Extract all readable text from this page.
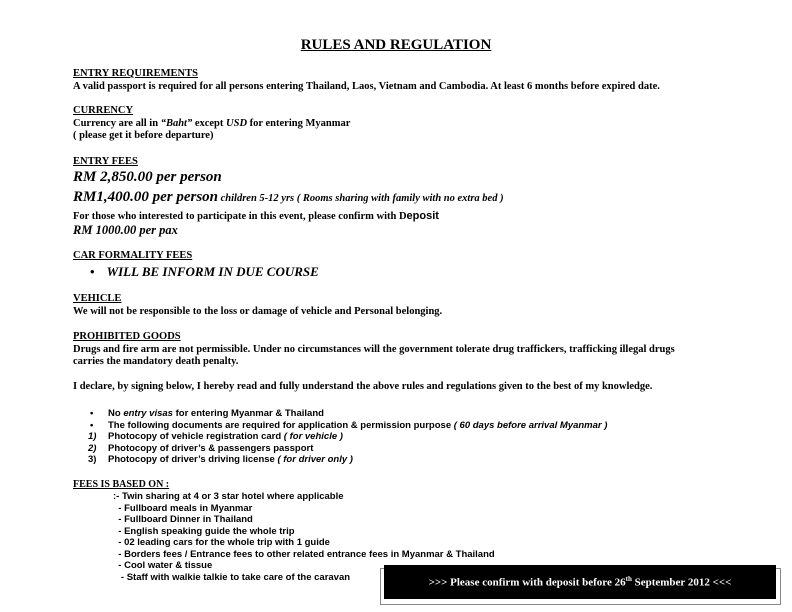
RULES AND REGULATION
ENTRY REQUIREMENTS
A valid passport is required for all persons entering Thailand, Laos, Vietnam and Cambodia. At least 6 months before expired date.
CURRENCY
Currency are all in “Baht” except USD for entering Myanmar
( please get it before departure)
ENTRY FEES
RM 2,850.00 per person
RM1,400.00 per person children 5-12 yrs ( Rooms sharing with family with no extra bed )
For those who interested to participate in this event, please confirm with Deposit
RM 1000.00 per pax
CAR FORMALITY FEES
• WILL BE INFORM IN DUE COURSE
VEHICLE
We will not be responsible to the loss or damage of vehicle and Personal belonging.
PROHIBITED GOODS
Drugs and fire arm are not permissible. Under no circumstances will the government tolerate drug traffickers, trafficking illegal drugs
carries the mandatory death penalty.
I declare, by signing below, I hereby read and fully understand the above rules and regulations given to the best of my knowledge.
•	No entry visas for entering Myanmar & Thailand
•	The following documents are required for application & permission purpose ( 60 days before arrival Myanmar )
1)	Photocopy of vehicle registration card ( for vehicle )
2)	Photocopy of driver’s & passengers passport
3)	Photocopy of driver’s driving license ( for driver only )
FEES IS BASED ON :
:- Twin sharing at 4 or 3 star hotel where applicable
- Fullboard meals in Myanmar
- Fullboard Dinner in Thailand
- English speaking guide the whole trip
- 02 leading cars for the whole trip with 1 guide
- Borders fees / Entrance fees to other related entrance fees in Myanmar & Thailand
- Cool water & tissue
- Staff with walkie talkie to take care of the caravan	>>> Please confirm with deposit before 26th September 2012 <<<
